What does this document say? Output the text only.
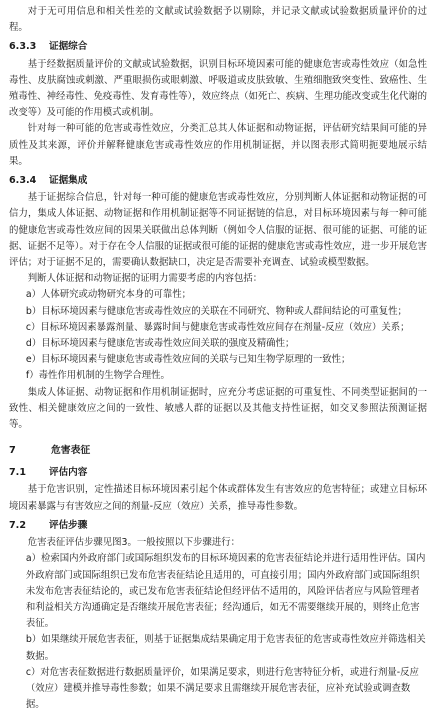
对于无可用信息和相关性差的文献或试验数据予以剔除，并记录文献或试验数据质量评价的过程。

6.3.3 证据综合

基于经数据质量评价的文献或试验数据，识别目标环境因素可能的健康危害或毒性效应（如急性毒性、皮肤腐蚀或刺激、严重眼损伤或眼刺激、呼吸道或皮肤致敏、生殖细胞致突变性、致癌性、生殖毒性、神经毒性、免疫毒性、发育毒性等），效应终点（如死亡、疾病、生理功能改变或生化代谢的改变等）及可能的作用模式或机制。

针对每一种可能的危害或毒性效应，分类汇总其人体证据和动物证据，评估研究结果间可能的异质性及其来源，评价并解释健康危害或毒性效应的作用机制证据，并以图表形式简明扼要地展示结果。

6.3.4 证据集成

基于证据综合信息，针对每一种可能的健康危害或毒性效应，分别判断人体证据和动物证据的可信力，集成人体证据、动物证据和作用机制证据等不同证据链的信息，对目标环境因素与每一种可能的健康危害或毒性效应间的因果关联做出总体判断（例如令人信服的证据、很可能的证据、可能的证据、证据不足等）。对于存在令人信服的证据或很可能的证据的健康危害或毒性效应，进一步开展危害评估；对于证据不足的，需要确认数据缺口，决定是否需要补充调查、试验或模型数据。

判断人体证据和动物证据的证明力需要考虑的内容包括：

a）人体研究或动物研究本身的可靠性；

b）目标环境因素与健康危害或毒性效应的关联在不同研究、物种或人群间结论的可重复性；

c）目标环境因素暴露剂量、暴露时间与健康危害或毒性效应间存在剂量-反应（效应）关系；

d）目标环境因素与健康危害或毒性效应间关联的强度及精确性；

e）目标环境因素与健康危害或毒性效应间的关联与已知生物学原理的一致性；

f）毒性作用机制的生物学合理性。

集成人体证据、动物证据和作用机制证据时，应充分考虑证据的可重复性、不同类型证据间的一致性、相关健康效应之间的一致性、敏感人群的证据以及其他支持性证据，如交叉参照法预测证据等。

7	危害表征
7.1	评估内容

基于危害识别，定性描述目标环境因素引起个体或群体发生有害效应的危害特征；或建立目标环境因素暴露与有害效应之间的剂量-反应（效应）关系，推导毒性参数。

7.2	评估步骤

危害表征评估步骤见图3。一般按照以下步骤进行：

a）检索国内外政府部门或国际组织发布的目标环境因素的危害表征结论并进行适用性评估。国内外政府部门或国际组织已发布危害表征结论且适用的，可直接引用；国内外政府部门或国际组织未发布危害表征结论的，或已发布危害表征结论但经评估不适用的，风险评估者应与风险管理者和利益相关方沟通确定是否继续开展危害表征；经沟通后，如无不需要继续开展的，则终止危害表征。

b）如果继续开展危害表征，则基于证据集成结果确定用于危害表征的危害或毒性效应并筛选相关数据。

c）对危害表征数据进行数据质量评价，如果满足要求，则进行危害特征分析，或进行剂量-反应（效应）建模并推导毒性参数；如果不满足要求且需继续开展危害表征，应补充试验或调查数据。
